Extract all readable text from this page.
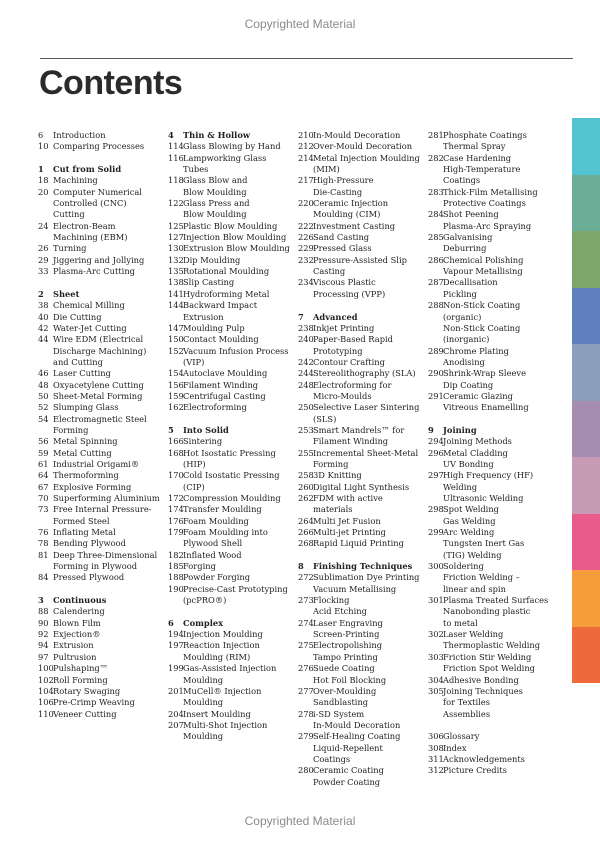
Copyrighted Material
Contents
6	Introduction
10 Comparing Processes
1	Cut from Solid
18 Machining
20 Computer Numerical
Controlled (CNC)
Cutting
24 Electron-Beam
Machining (EBM)
26 Turning
29 Jiggering and Jollying
33 Plasma-Arc Cutting
2	Sheet
38 Chemical Milling
40 Die Cutting
42 Water-Jet Cutting
44 Wire EDM (Electrical
Discharge Machining)
and Cutting
46 Laser Cutting
48 Oxyacetylene Cutting
50 Sheet-Metal Forming
52 Slumping Glass
54 Electromagnetic Steel
Forming
56 Metal Spinning
59 Metal Cutting
61 Industrial Origami®
64 Thermoforming
67 Explosive Forming
70 Superforming Aluminium
73 Free Internal Pressure-
Formed Steel
76 Inflating Metal
78 Bending Plywood
81 Deep Three-Dimensional
Forming in Plywood
84 Pressed Plywood
3	Continuous
88 Calendering
90 Blown Film
92 Exjection®
94 Extrusion
97 Pultrusion
100 Pulshaping™
102 Roll Forming
104 Rotary Swaging
106 Pre-Crimp Weaving
110 Veneer Cutting
4	Thin & Hollow
114 Glass Blowing by Hand
116 Lampworking Glass
Tubes
118 Glass Blow and
Blow Moulding
122 Glass Press and
Blow Moulding
125 Plastic Blow Moulding
127 Injection Blow Moulding
130 Extrusion Blow Moulding
132 Dip Moulding
135 Rotational Moulding
138 Slip Casting
141 Hydroforming Metal
144 Backward Impact
Extrusion
147 Moulding Pulp
150 Contact Moulding
152 Vacuum Infusion Process
(VIP)
154 Autoclave Moulding
156 Filament Winding
159 Centrifugal Casting
162 Electroforming
5	Into Solid
166 Sintering
168 Hot Isostatic Pressing
(HIP)
170 Cold Isostatic Pressing
(CIP)
172 Compression Moulding
174 Transfer Moulding
176 Foam Moulding
179 Foam Moulding into
Plywood Shell
182 Inflated Wood
185 Forging
188 Powder Forging
190 Precise-Cast Prototyping
(pcPRO®)
6	Complex
194 Injection Moulding
197 Reaction Injection
Moulding (RIM)
199 Gas-Assisted Injection
Moulding
201 MuCell® Injection
Moulding
204 Insert Moulding
207 Multi-Shot Injection
Moulding
210 In-Mould Decoration
212 Over-Mould Decoration
214 Metal Injection Moulding
(MIM)
217 High-Pressure
Die-Casting
220 Ceramic Injection
Moulding (CIM)
222 Investment Casting
226 Sand Casting
229 Pressed Glass
232 Pressure-Assisted Slip
Casting
234 Viscous Plastic
Processing (VPP)
7	Advanced
238 Inkjet Printing
240 Paper-Based Rapid
Prototyping
242 Contour Crafting
244 Stereolithography (SLA)
248 Electroforming for
Micro-Moulds
250 Selective Laser Sintering
(SLS)
253 Smart Mandrels™ for
Filament Winding
255 Incremental Sheet-Metal
Forming
258 3D Knitting
260 Digital Light Synthesis
262 FDM with active
materials
264 Multi Jet Fusion
266 Multi-jet Printing
268 Rapid Liquid Printing
8	Finishing Techniques
272 Sublimation Dye Printing
Vacuum Metallising
273 Flocking
Acid Etching
274 Laser Engraving
Screen-Printing
275 Electropolishing
Tampo Printing
276 Suede Coating
Hot Foil Blocking
277 Over-Moulding
Sandblasting
278 i-SD System
In-Mould Decoration
279 Self-Healing Coating
Liquid-Repellent
Coatings
280 Ceramic Coating
Powder Coating
281 Phosphate Coatings
Thermal Spray
282 Case Hardening
High-Temperature
Coatings
283 Thick-Film Metallising
Protective Coatings
284 Shot Peening
Plasma-Arc Spraying
285 Galvanising
Deburring
286 Chemical Polishing
Vapour Metallising
287 Decallisation
Pickling
288 Non-Stick Coating
(organic)
Non-Stick Coating
(inorganic)
289 Chrome Plating
Anodising
290 Shrink-Wrap Sleeve
Dip Coating
291 Ceramic Glazing
Vitreous Enamelling
9	Joining
294 Joining Methods
296 Metal Cladding
UV Bonding
297 High Frequency (HF)
Welding
Ultrasonic Welding
298 Spot Welding
Gas Welding
299 Arc Welding
Tungsten Inert Gas
(TIG) Welding
300 Soldering
Friction Welding –
linear and spin
301 Plasma Treated Surfaces
Nanobonding plastic
to metal
302 Laser Welding
Thermoplastic Welding
303 Friction Stir Welding
Friction Spot Welding
304 Adhesive Bonding
305 Joining Techniques
for Textiles
Assemblies
306 Glossary
308 Index
311 Acknowledgements
312 Picture Credits
Copyrighted Material
